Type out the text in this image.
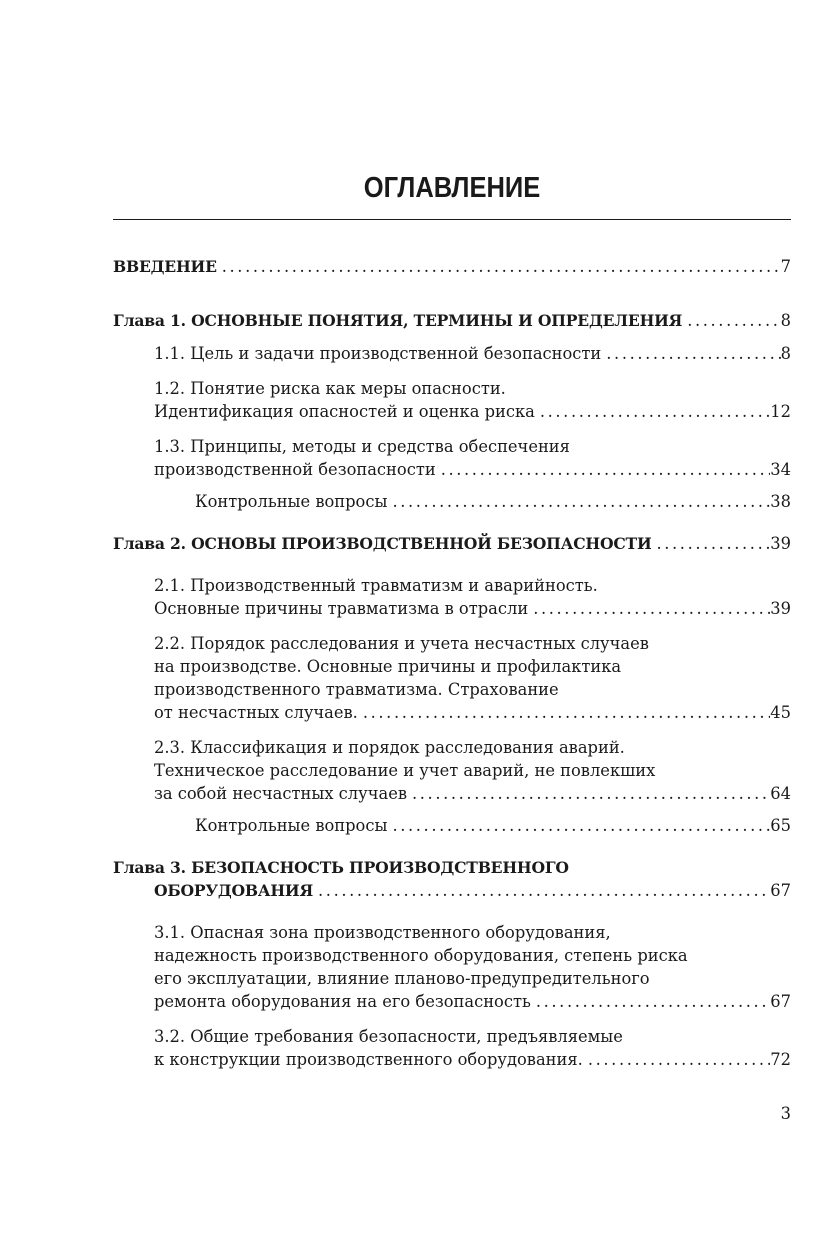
ОГЛАВЛЕНИЕ
ВВЕДЕНИЕ .....	7
Глава 1. ОСНОВНЫЕ ПОНЯТИЯ, ТЕРМИНЫ И ОПРЕДЕЛЕНИЯ .....	8
1.1. Цель и задачи производственной безопасности .....	8
1.2. Понятие риска как меры опасности.
Идентификация опасностей и оценка риска .....	12
1.3. Принципы, методы и средства обеспечения
производственной безопасности .....	34
Контрольные вопросы .....	38
Глава 2. ОСНОВЫ ПРОИЗВОДСТВЕННОЙ БЕЗОПАСНОСТИ .....	39
2.1. Производственный травматизм и аварийность.
Основные причины травматизма в отрасли .....	39
2.2. Порядок расследования и учета несчастных случаев
на производстве. Основные причины и профилактика
производственного травматизма. Страхование
от несчастных случаев. .....	45
2.3. Классификация и порядок расследования аварий.
Техническое расследование и учет аварий, не повлекших
за собой несчастных случаев .....	64
Контрольные вопросы .....	65
Глава 3. БЕЗОПАСНОСТЬ ПРОИЗВОДСТВЕННОГО
ОБОРУДОВАНИЯ .....	67
3.1. Опасная зона производственного оборудования,
надежность производственного оборудования, степень риска
его эксплуатации, влияние планово-предупредительного
ремонта оборудования на его безопасность .....	67
3.2. Общие требования безопасности, предъявляемые
к конструкции производственного оборудования. .....	72
3
